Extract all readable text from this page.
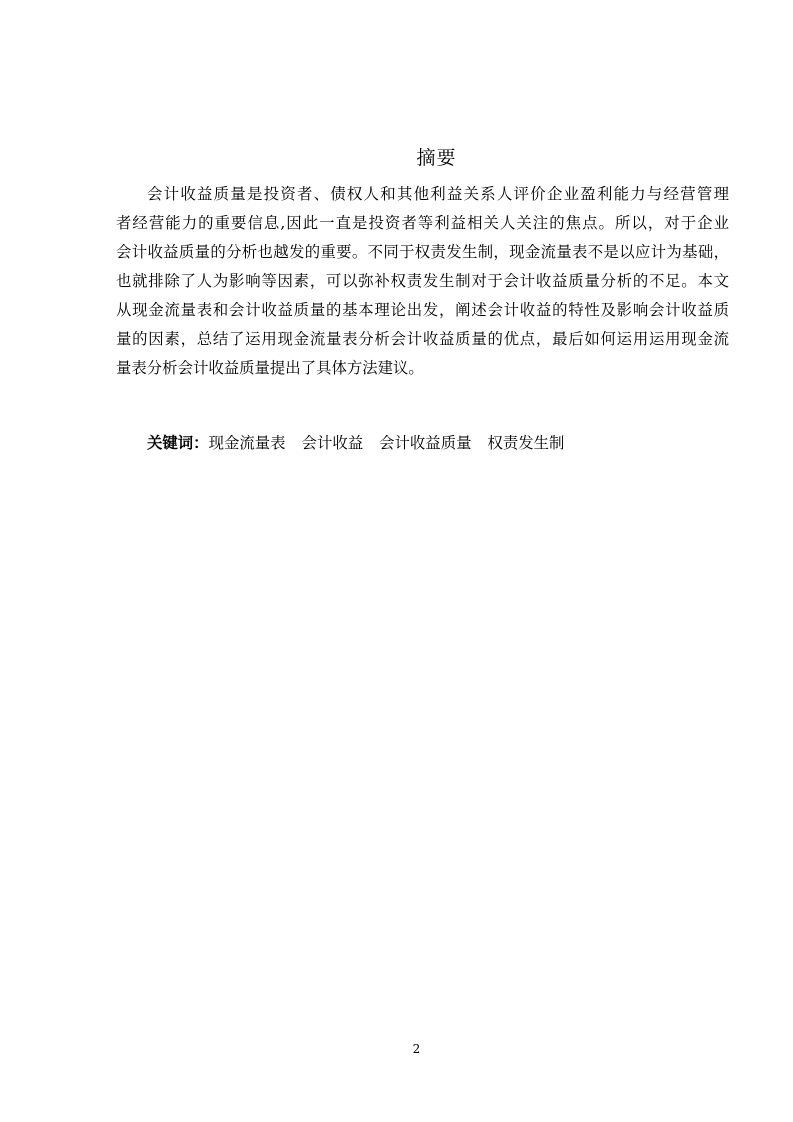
摘要
会计收益质量是投资者、债权人和其他利益关系人评价企业盈利能力与经营管理
者经营能力的重要信息,因此一直是投资者等利益相关人关注的焦点。所以，对于企业
会计收益质量的分析也越发的重要。不同于权责发生制，现金流量表不是以应计为基础，
也就排除了人为影响等因素，可以弥补权责发生制对于会计收益质量分析的不足。本文
从现金流量表和会计收益质量的基本理论出发，阐述会计收益的特性及影响会计收益质
量的因素，总结了运用现金流量表分析会计收益质量的优点，最后如何运用运用现金流
量表分析会计收益质量提出了具体方法建议。
关键词：现金流量表 会计收益 会计收益质量 权责发生制
2
